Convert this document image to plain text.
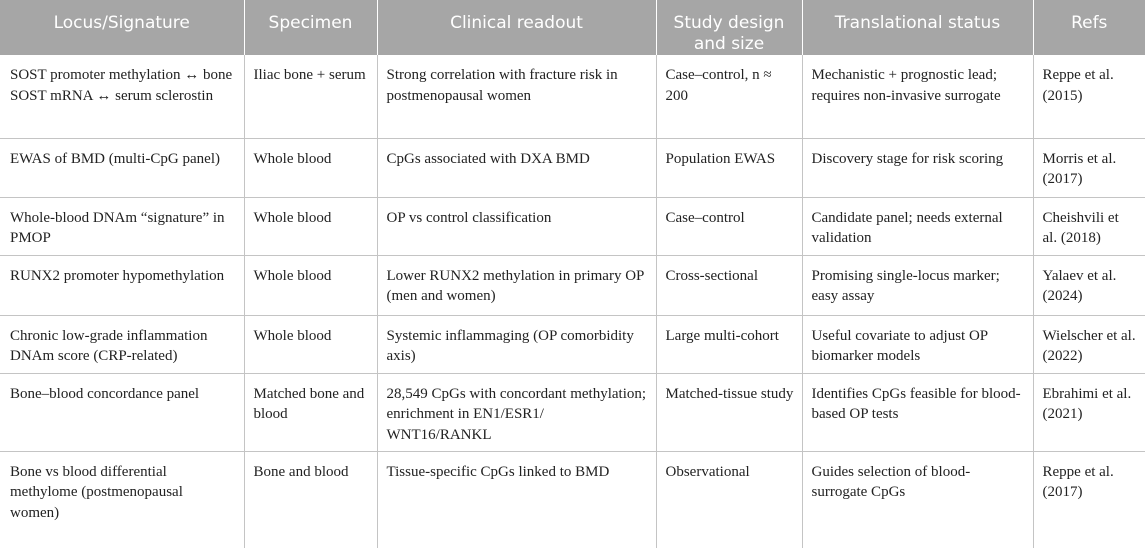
Locus/Signature	Specimen	Clinical readout	Study design and size	Translational status	Refs
SOST promoter methylation ↔ bone SOST mRNA ↔ serum sclerostin	Iliac bone + serum	Strong correlation with fracture risk in postmenopausal women	Case–control, n ≈ 200	Mechanistic + prognostic lead; requires non-invasive surrogate	Reppe et al. (2015)
EWAS of BMD (multi-CpG panel)	Whole blood	CpGs associated with DXA BMD	Population EWAS	Discovery stage for risk scoring	Morris et al. (2017)
Whole-blood DNAm “signature” in PMOP	Whole blood	OP vs control classification	Case–control	Candidate panel; needs external validation	Cheishvili et al. (2018)
RUNX2 promoter hypomethylation	Whole blood	Lower RUNX2 methylation in primary OP (men and women)	Cross-sectional	Promising single-locus marker; easy assay	Yalaev et al. (2024)
Chronic low-grade inflammation DNAm score (CRP-related)	Whole blood	Systemic inflammaging (OP comorbidity axis)	Large multi-cohort	Useful covariate to adjust OP biomarker models	Wielscher et al. (2022)
Bone–blood concordance panel	Matched bone and blood	28,549 CpGs with concordant methylation; enrichment in EN1/ESR1/ WNT16/RANKL	Matched-tissue study	Identifies CpGs feasible for blood-based OP tests	Ebrahimi et al. (2021)
Bone vs blood differential methylome (postmenopausal women)	Bone and blood	Tissue-specific CpGs linked to BMD	Observational	Guides selection of blood-surrogate CpGs	Reppe et al. (2017)
